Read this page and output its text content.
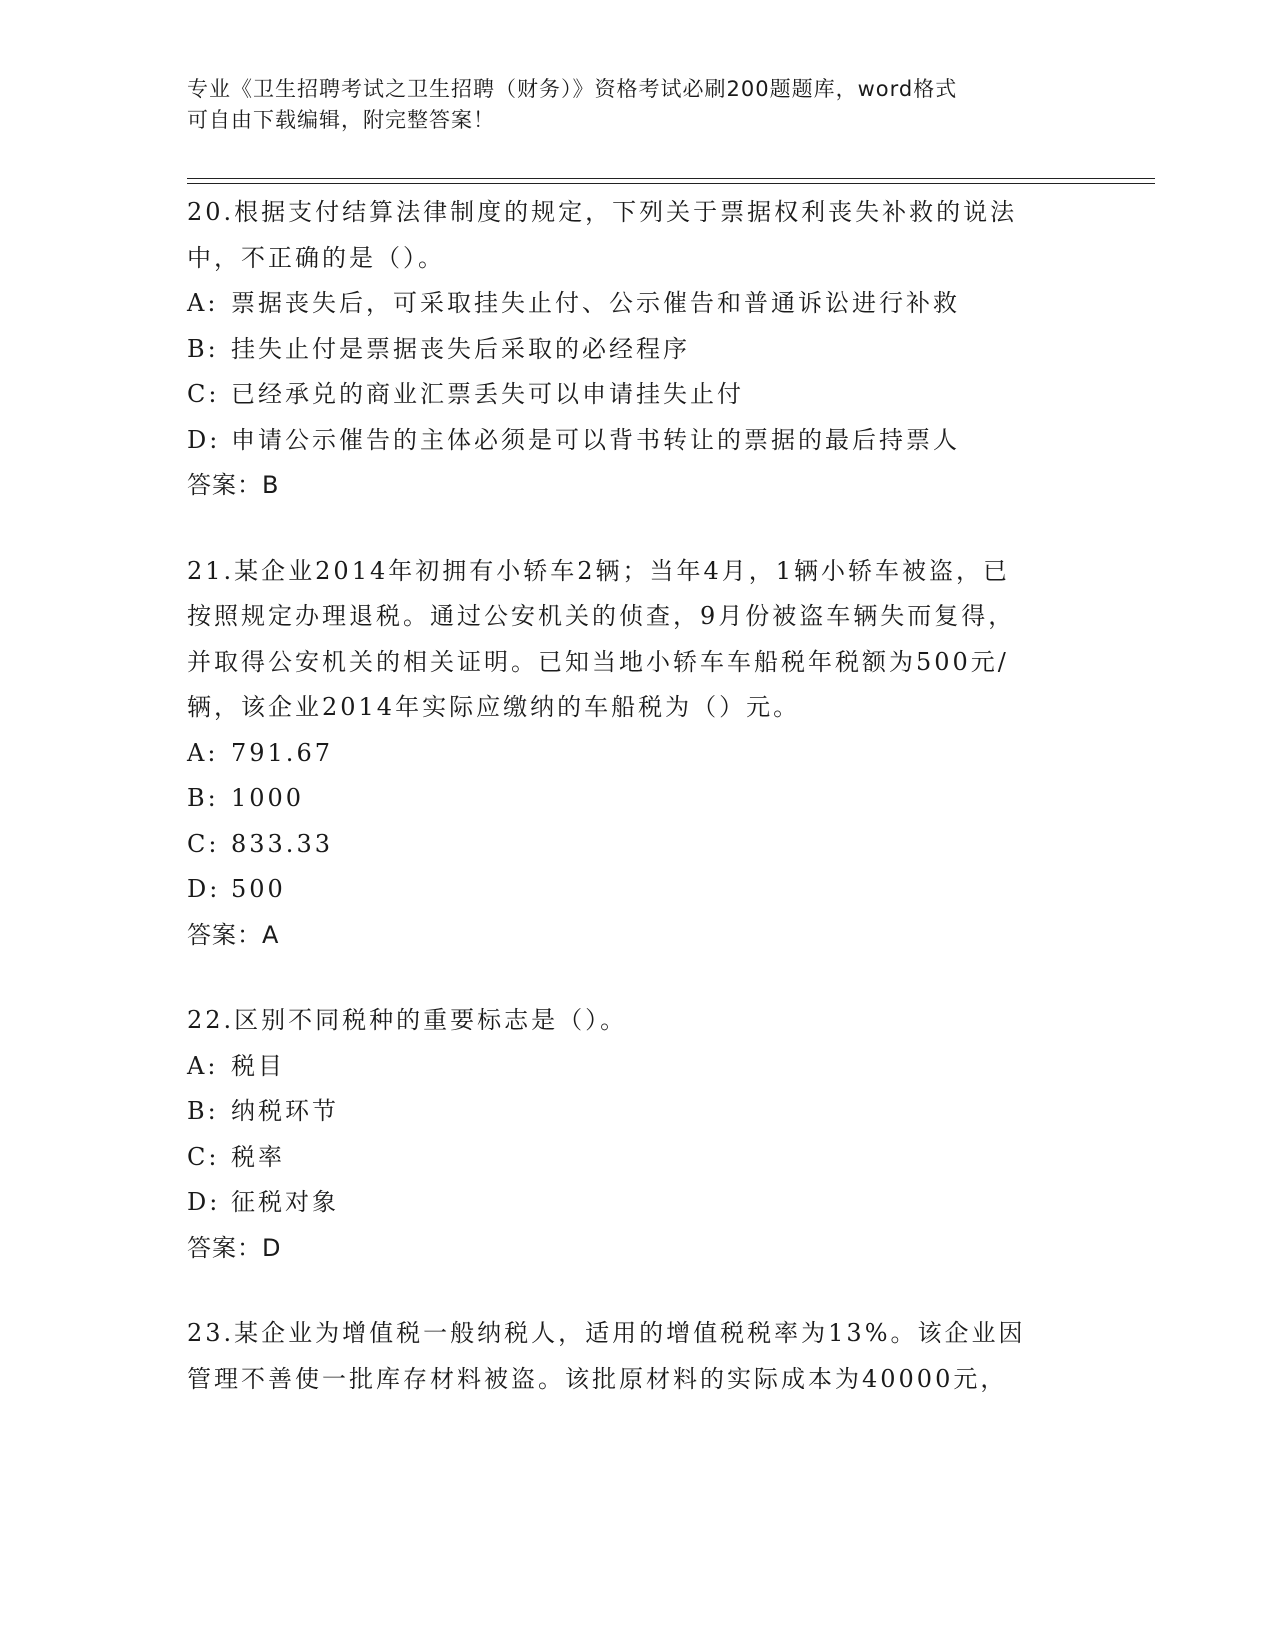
专业《卫生招聘考试之卫生招聘（财务）》资格考试必刷200题题库，word格式
可自由下载编辑，附完整答案！
20.根据支付结算法律制度的规定，下列关于票据权利丧失补救的说法
中，不正确的是（）。
A: 票据丧失后，可采取挂失止付、公示催告和普通诉讼进行补救
B: 挂失止付是票据丧失后采取的必经程序
C: 已经承兑的商业汇票丢失可以申请挂失止付
D: 申请公示催告的主体必须是可以背书转让的票据的最后持票人
答案：B
21.某企业2014年初拥有小轿车2辆；当年4月，1辆小轿车被盗，已
按照规定办理退税。通过公安机关的侦查，9月份被盗车辆失而复得，
并取得公安机关的相关证明。已知当地小轿车车船税年税额为500元/
辆，该企业2014年实际应缴纳的车船税为（）元。
A: 791.67
B: 1000
C: 833.33
D: 500
答案：A
22.区别不同税种的重要标志是（）。
A: 税目
B: 纳税环节
C: 税率
D: 征税对象
答案：D
23.某企业为增值税一般纳税人，适用的增值税税率为13%。该企业因
管理不善使一批库存材料被盗。该批原材料的实际成本为40000元，
